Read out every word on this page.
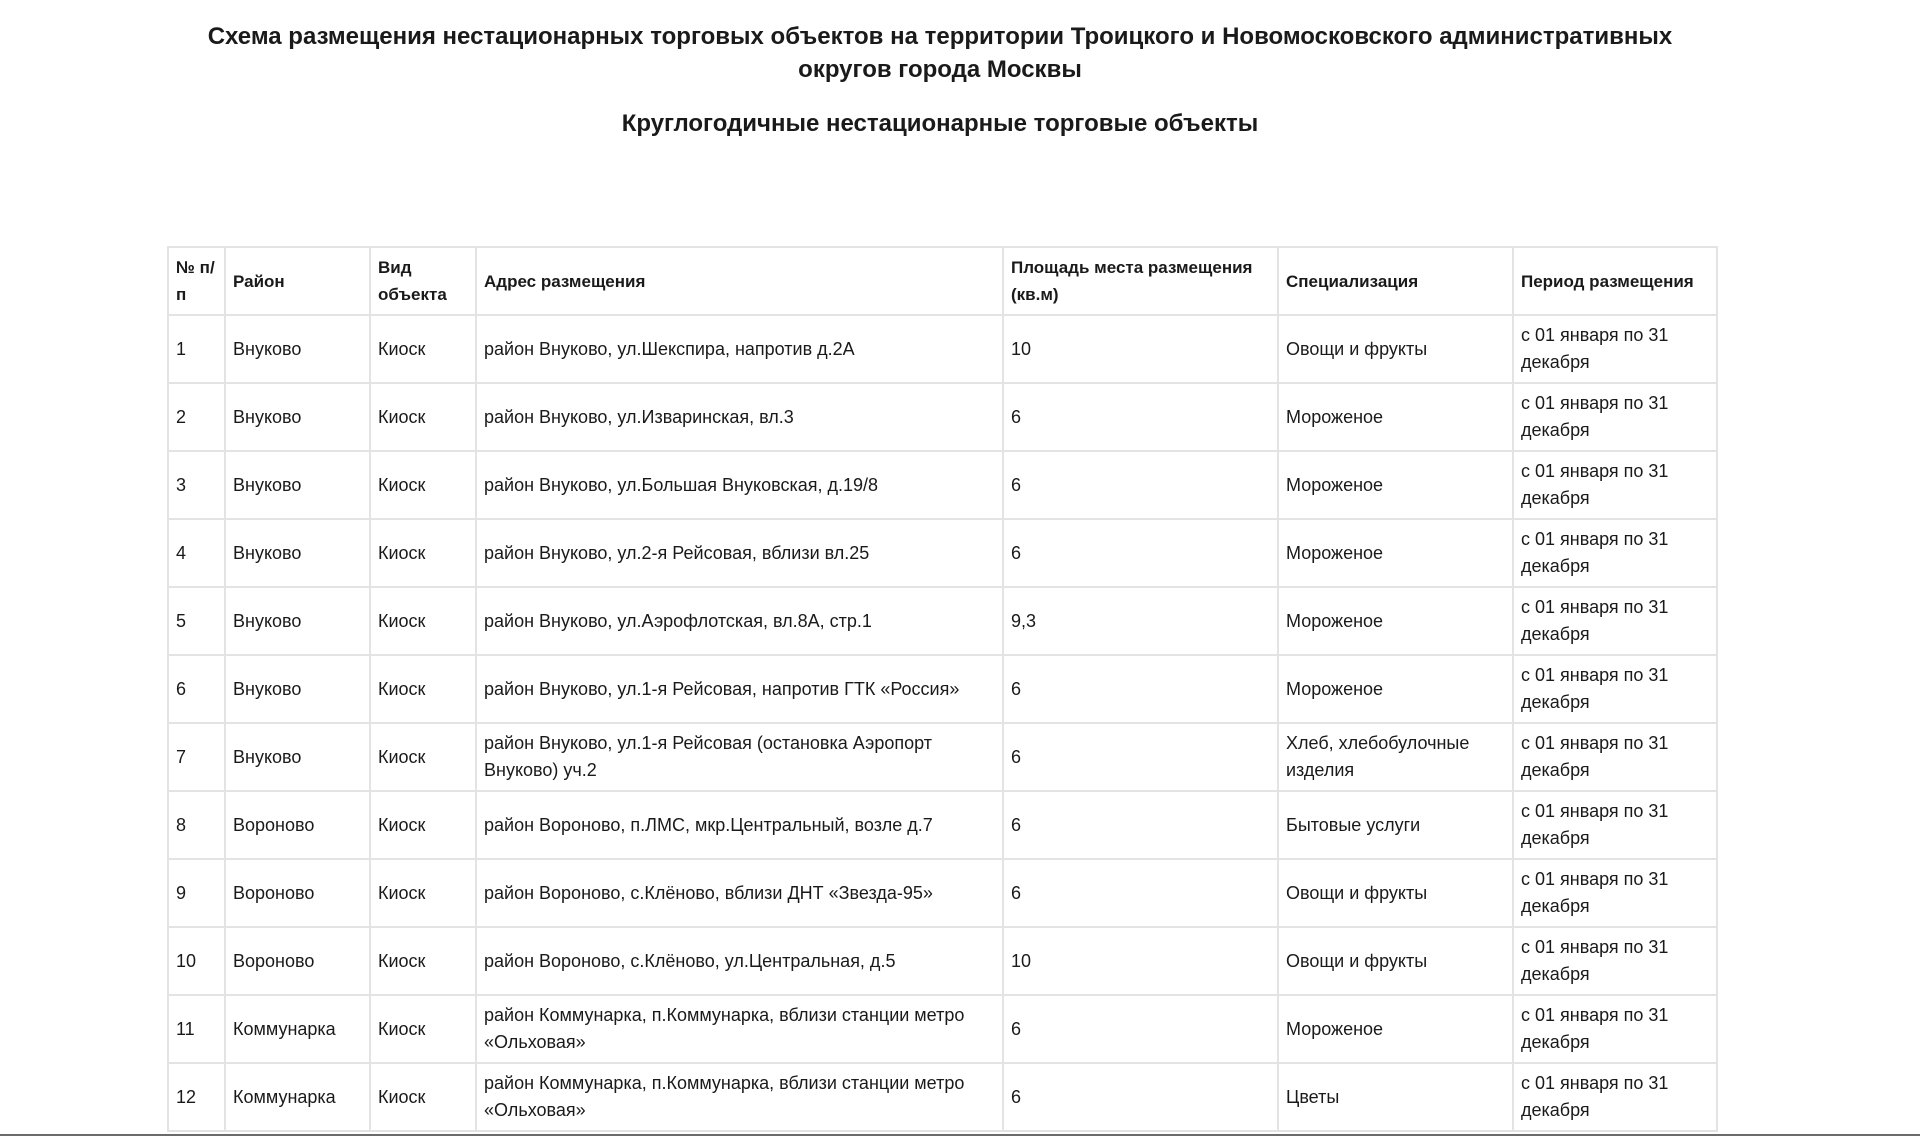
Схема размещения нестационарных торговых объектов на территории Троицкого и Новомосковского административных округов города Москвы
Круглогодичные нестационарные торговые объекты
№ п/п	Район	Вид объекта	Адрес размещения	Площадь места размещения (кв.м)	Специализация	Период размещения
1	Внуково	Киоск	район Внуково, ул.Шекспира, напротив д.2А	10	Овощи и фрукты	с 01 января по 31 декабря
2	Внуково	Киоск	район Внуково, ул.Изваринская, вл.3	6	Мороженое	с 01 января по 31 декабря
3	Внуково	Киоск	район Внуково, ул.Большая Внуковская, д.19/8	6	Мороженое	с 01 января по 31 декабря
4	Внуково	Киоск	район Внуково, ул.2-я Рейсовая, вблизи вл.25	6	Мороженое	с 01 января по 31 декабря
5	Внуково	Киоск	район Внуково, ул.Аэрофлотская, вл.8А, стр.1	9,3	Мороженое	с 01 января по 31 декабря
6	Внуково	Киоск	район Внуково, ул.1-я Рейсовая, напротив ГТК «Россия»	6	Мороженое	с 01 января по 31 декабря
7	Внуково	Киоск	район Внуково, ул.1-я Рейсовая (остановка Аэропорт Внуково) уч.2	6	Хлеб, хлебобулочные изделия	с 01 января по 31 декабря
8	Вороново	Киоск	район Вороново, п.ЛМС, мкр.Центральный, возле д.7	6	Бытовые услуги	с 01 января по 31 декабря
9	Вороново	Киоск	район Вороново, с.Клёново, вблизи ДНТ «Звезда-95»	6	Овощи и фрукты	с 01 января по 31 декабря
10	Вороново	Киоск	район Вороново, с.Клёново, ул.Центральная, д.5	10	Овощи и фрукты	с 01 января по 31 декабря
11	Коммунарка	Киоск	район Коммунарка, п.Коммунарка, вблизи станции метро «Ольховая»	6	Мороженое	с 01 января по 31 декабря
12	Коммунарка	Киоск	район Коммунарка, п.Коммунарка, вблизи станции метро «Ольховая»	6	Цветы	с 01 января по 31 декабря
